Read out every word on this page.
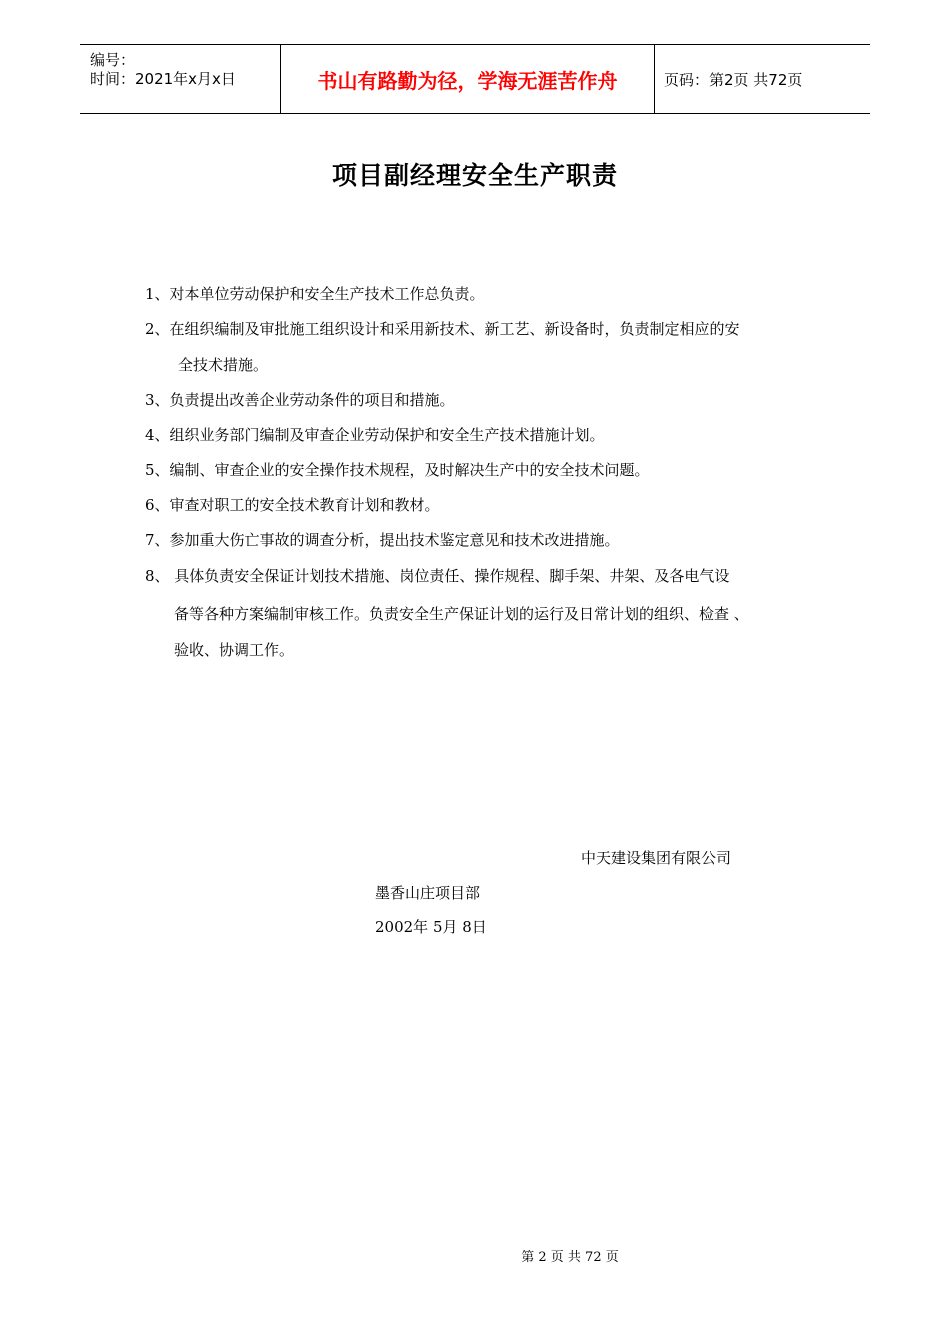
编号：
时间：2021年x月x日	书山有路勤为径，学海无涯苦作舟	页码：第2页 共72页
项目副经理安全生产职责
1、对本单位劳动保护和安全生产技术工作总负责。
2、在组织编制及审批施工组织设计和采用新技术、新工艺、新设备时，负责制定相应的安
全技术措施。
3、负责提出改善企业劳动条件的项目和措施。
4、组织业务部门编制及审查企业劳动保护和安全生产技术措施计划。
5、编制、审查企业的安全操作技术规程，及时解决生产中的安全技术问题。
6、审查对职工的安全技术教育计划和教材。
7、参加重大伤亡事故的调查分析，提出技术鉴定意见和技术改进措施。
8、 具体负责安全保证计划技术措施、岗位责任、操作规程、脚手架、井架、及各电气设
备等各种方案编制审核工作。负责安全生产保证计划的运行及日常计划的组织、检查 、
验收、协调工作。
中天建设集团有限公司
墨香山庄项目部
2002年 5月 8日
第 2 页 共 72 页
